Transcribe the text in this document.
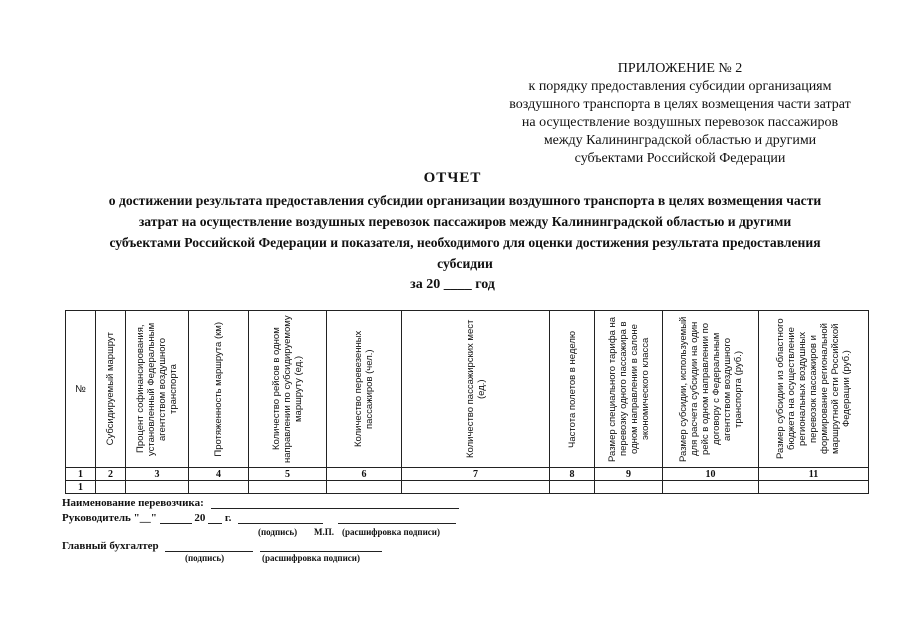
ПРИЛОЖЕНИЕ № 2
к порядку предоставления субсидии организациям
воздушного транспорта в целях возмещения части затрат
на осуществление воздушных перевозок пассажиров
между Калининградской областью и другими
субъектами Российской Федерации
ОТЧЕТ
о достижении результата предоставления субсидии организации воздушного транспорта в целях возмещения части
затрат на осуществление воздушных перевозок пассажиров между Калининградской областью и другими
субъектами Российской Федерации и показателя, необходимого для оценки достижения результата предоставления
субсидии
за 20 ____ год
№	Субсидируемый маршрут	Процент софинансирования, установленный Федеральным агентством воздушного транспорта	Протяженность маршрута (км)	Количество рейсов в одном направлении по субсидируемому маршруту (ед.)	Количество перевезенных пассажиров (чел.)	Количество пассажирских мест (ед.)	Частота полетов в неделю	Размер специального тарифа на перевозку одного пассажира в одном направлении в салоне экономического класса	Размер субсидии, используемый для расчета субсидии на один рейс в одном направлении по договору с Федеральным агентством воздушного транспорта (руб.)	Размер субсидии из областного бюджета на осуществление региональных воздушных перевозок пассажиров и формирование региональной маршрутной сети Российской Федерации (руб.)

1	2	3	4	5	6	7	8	9	10	11
1										
Наименование перевозчика:
Руководитель "__"	20 г.
(подпись) М.П. (расшифровка подписи)
Главный бухгалтер
(подпись)	(расшифровка подписи)
